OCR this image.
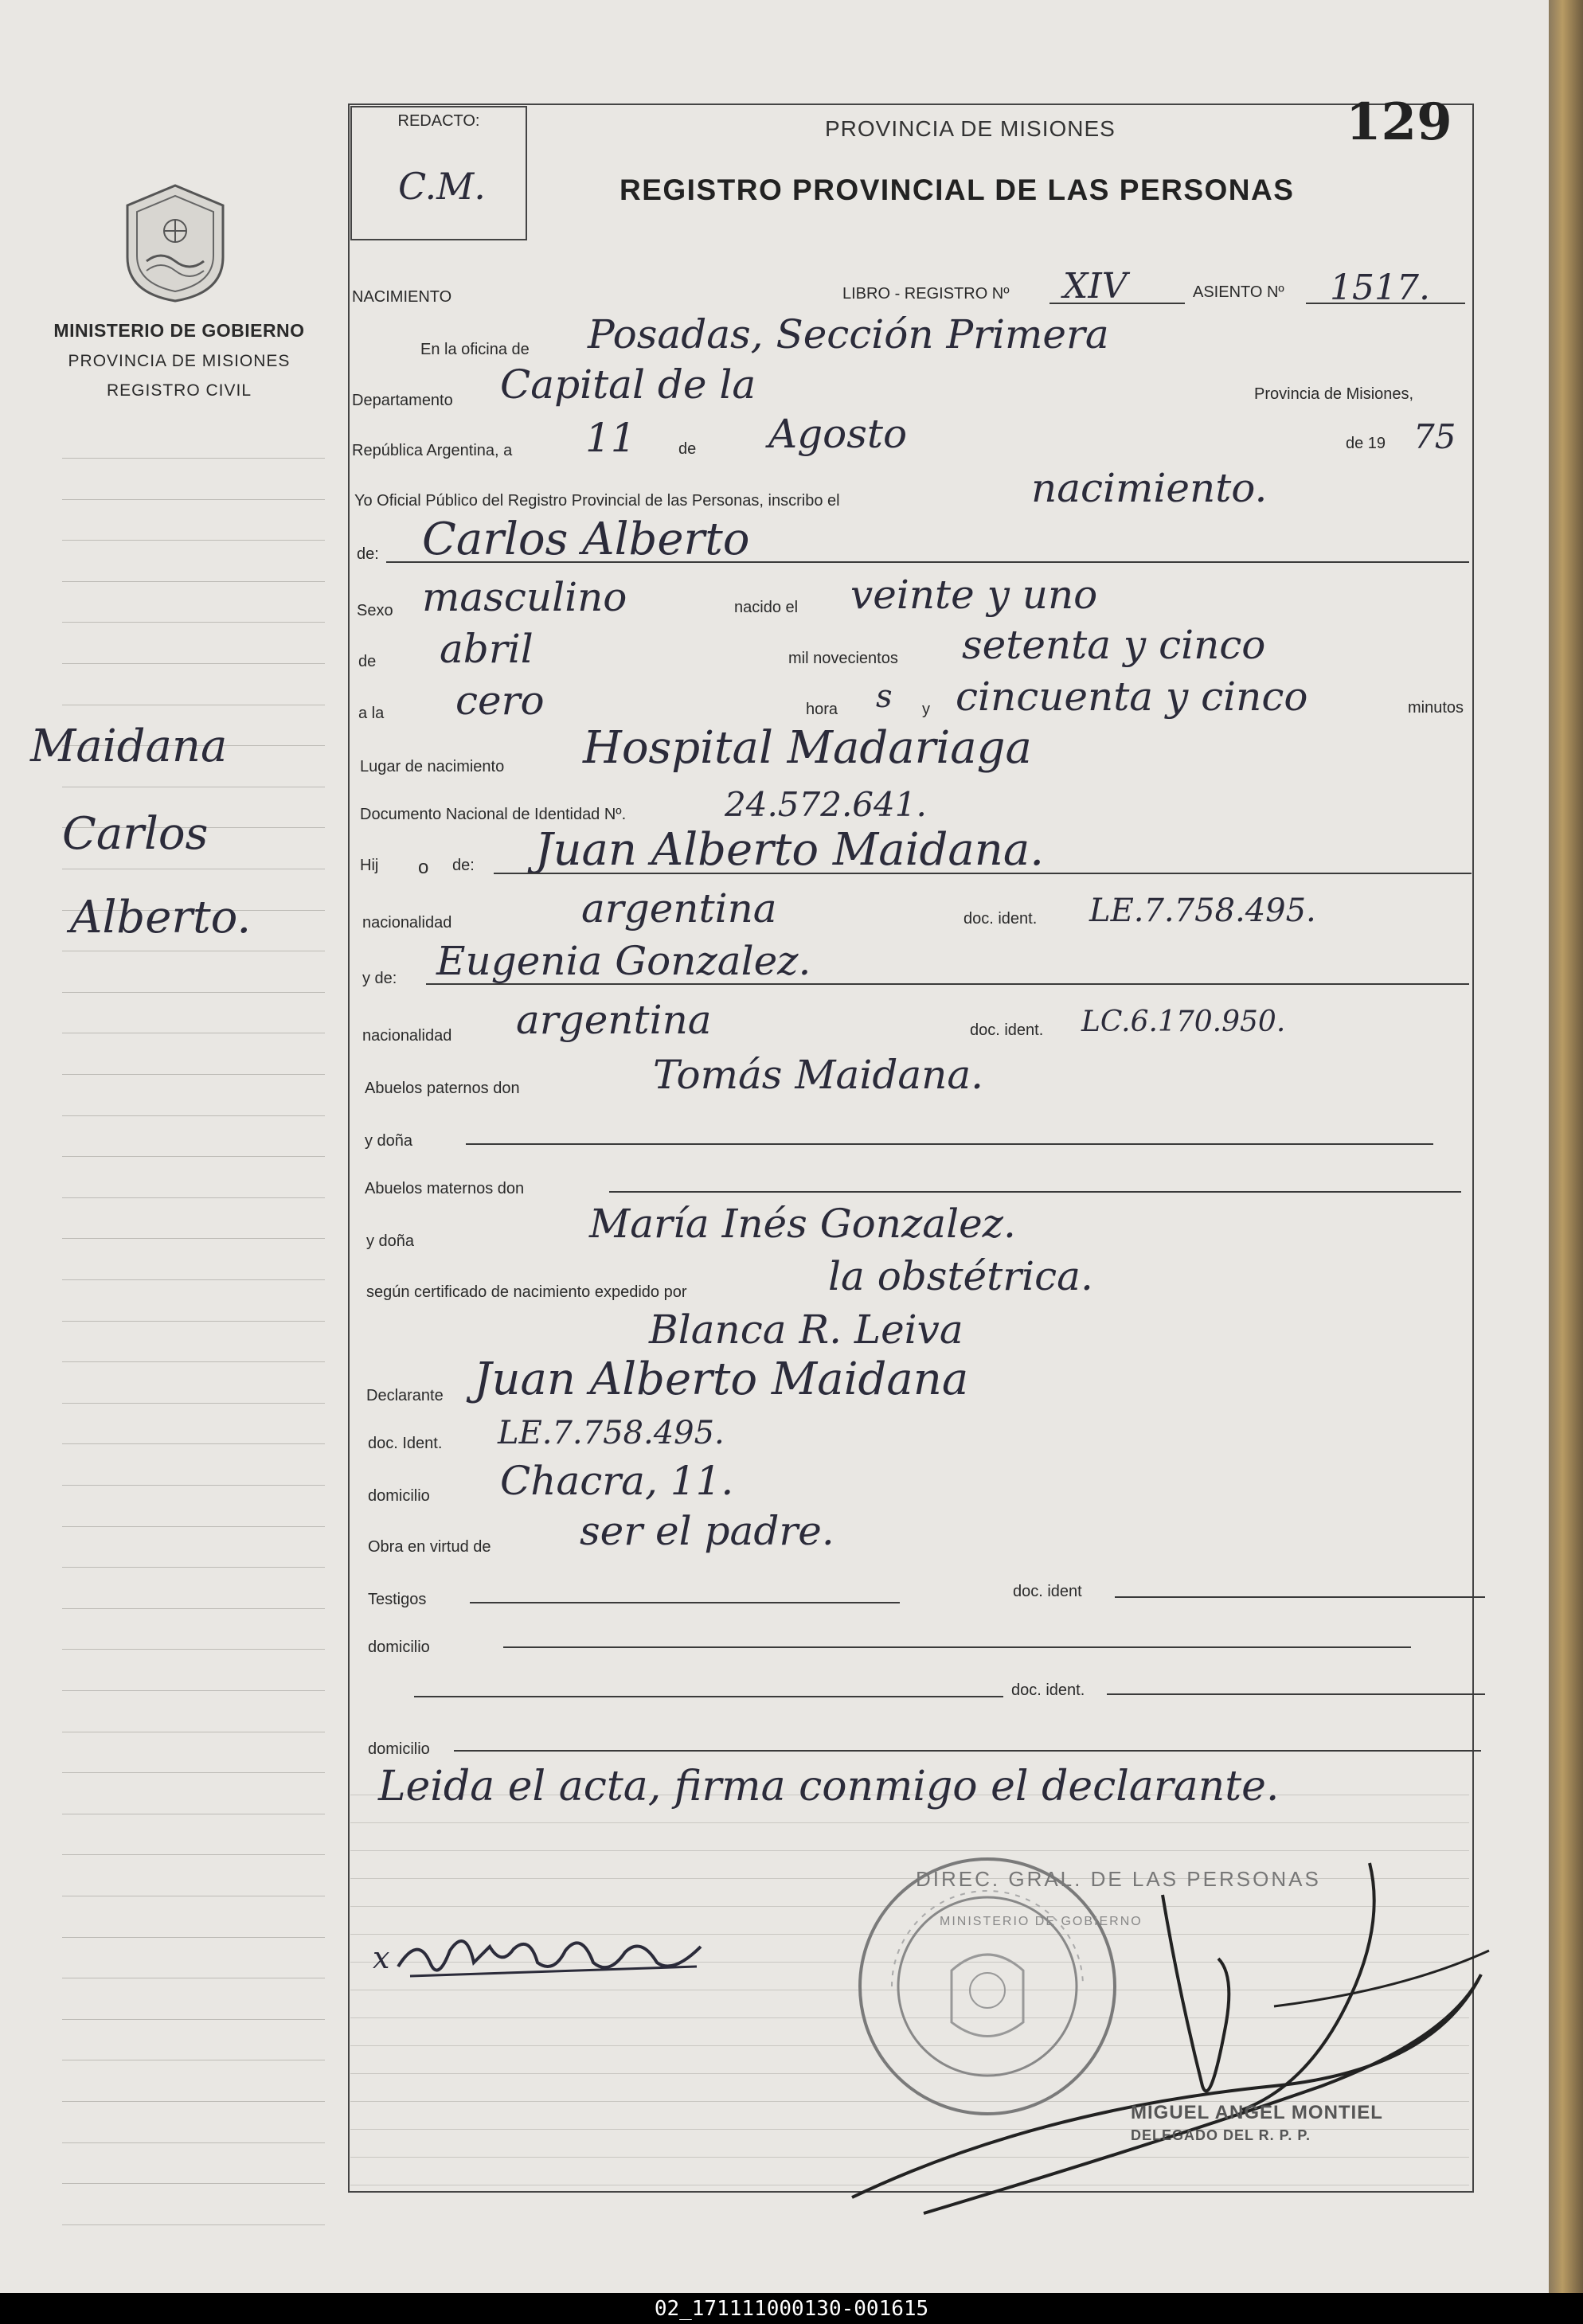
MINISTERIO DE GOBIERNO
PROVINCIA DE MISIONES
REGISTRO CIVIL
Maidana
Carlos
Alberto.
REDACTO:
C.M.
PROVINCIA DE MISIONES	129
REGISTRO PROVINCIAL DE LAS PERSONAS
NACIMIENTO	LIBRO - REGISTRO Nº XIV	ASIENTO Nº 1517.
En la oficina de Posadas, Sección Primera
Departamento Capital de la	Provincia de Misiones,
República Argentina, a 11	de Agosto	de 19 75
Yo Oficial Público del Registro Provincial de las Personas, inscribo el	nacimiento.
de: Carlos Alberto
Sexo masculino	nacido el veinte y uno
de abril	mil novecientos setenta y cinco
a la cero	hora s y cincuenta y cinco	minutos
Lugar de nacimiento Hospital Madariaga
Documento Nacional de Identidad Nº.	24.572.641.
Hij o de: Juan Alberto Maidana.
nacionalidad	argentina	doc. ident. LE.7.758.495.
y de: Eugenia Gonzalez.
nacionalidad argentina	doc. ident. LC.6.170.950.
Abuelos paternos don	Tomás Maidana.
y doña
Abuelos maternos don
y doña	María Inés Gonzalez.
según certificado de nacimiento expedido por	la obstétrica.
Blanca R. Leiva
Declarante Juan Alberto Maidana
doc. Ident. LE.7.758.495.
domicilio Chacra, 11.
Obra en virtud de ser el padre.
Testigos	doc. ident
domicilio
doc. ident.
domicilio
Leida el acta, firma conmigo el declarante.
x
DIREC. GRAL. DE LAS PERSONAS
MINISTERIO DE GOBIERNO
MIGUEL ANGEL MONTIEL
DELEGADO DEL R. P. P.
02_171111000130-001615
